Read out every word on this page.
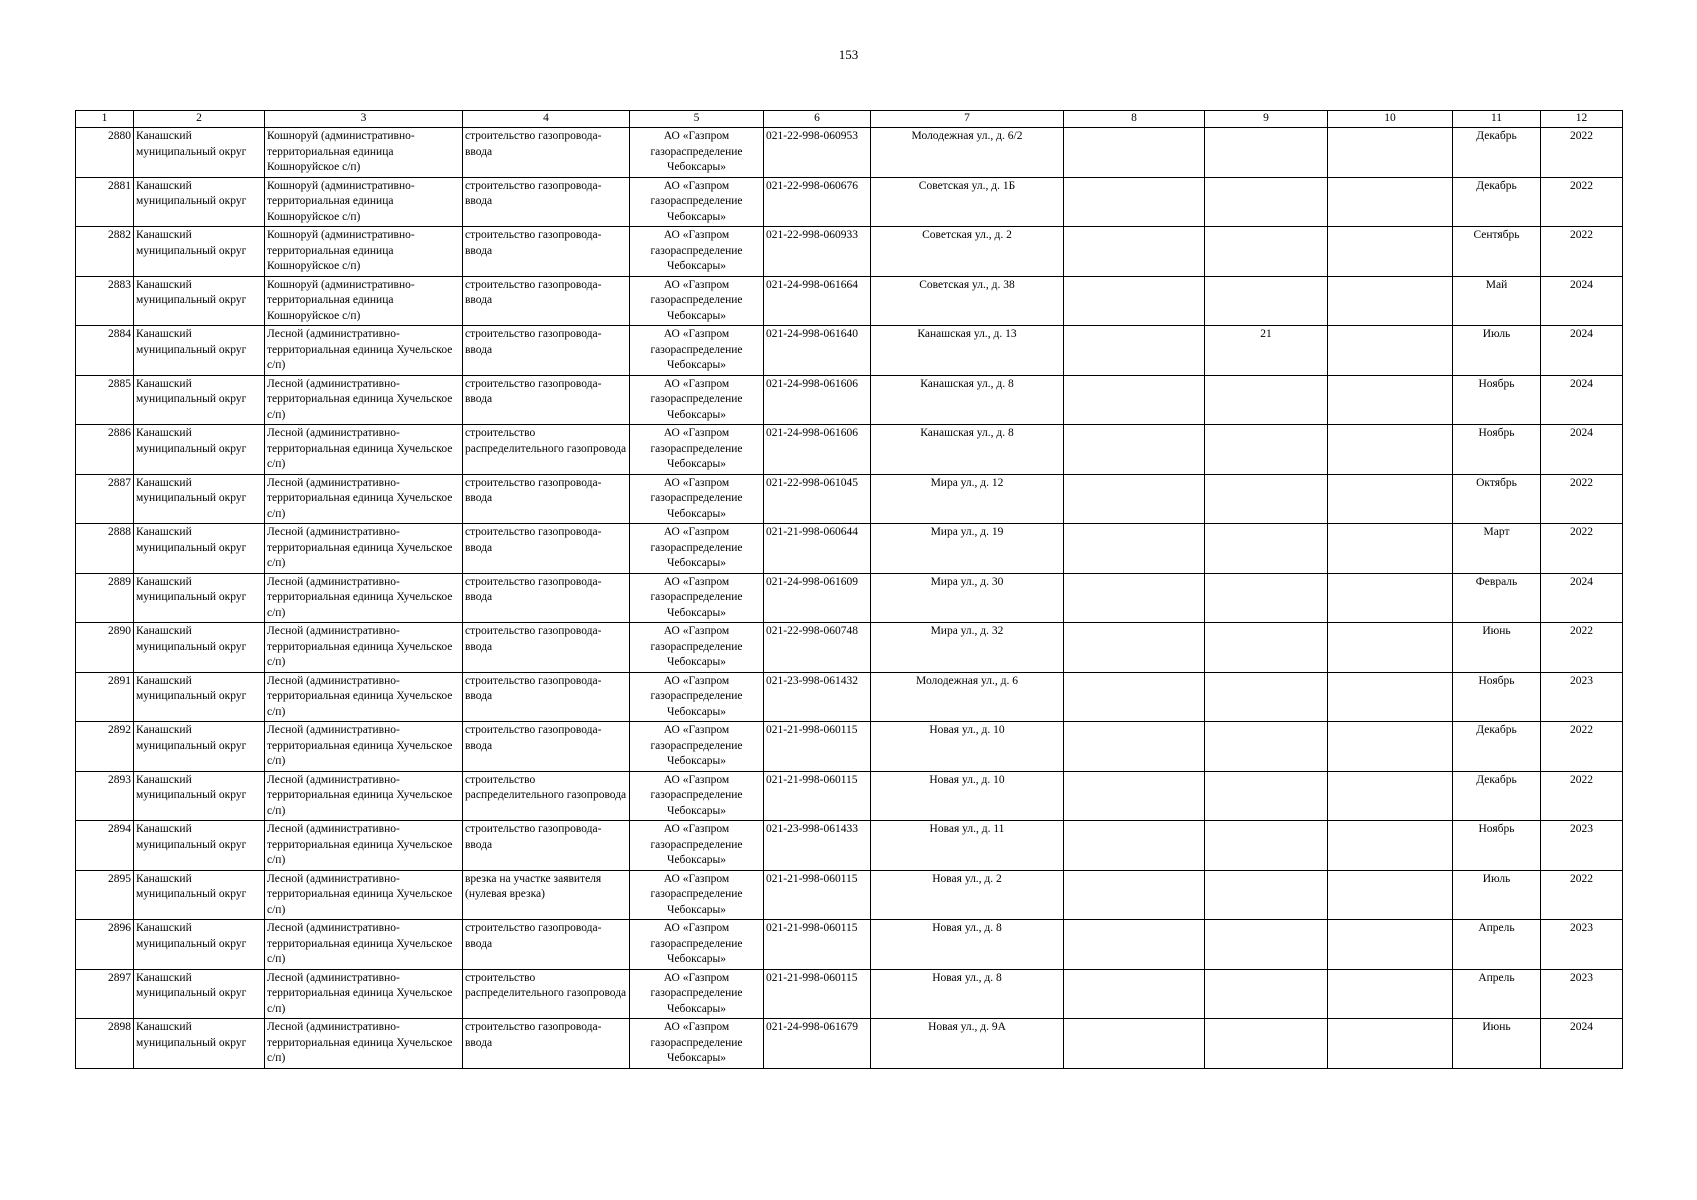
153
1	2	3	4	5	6	7	8	9	10	11	12
2880	Канашский муниципальный округ	Кошноруй (административно-территориальная единица Кошноруйское с/п)	строительство газопровода-ввода	АО «Газпром газораспределение Чебоксары»	021-22-998-060953	Молодежная ул., д. 6/2				Декабрь	2022
2881	Канашский муниципальный округ	Кошноруй (административно-территориальная единица Кошноруйское с/п)	строительство газопровода-ввода	АО «Газпром газораспределение Чебоксары»	021-22-998-060676	Советская ул., д. 1Б				Декабрь	2022
2882	Канашский муниципальный округ	Кошноруй (административно-территориальная единица Кошноруйское с/п)	строительство газопровода-ввода	АО «Газпром газораспределение Чебоксары»	021-22-998-060933	Советская ул., д. 2				Сентябрь	2022
2883	Канашский муниципальный округ	Кошноруй (административно-территориальная единица Кошноруйское с/п)	строительство газопровода-ввода	АО «Газпром газораспределение Чебоксары»	021-24-998-061664	Советская ул., д. 38				Май	2024
2884	Канашский муниципальный округ	Лесной (административно-территориальная единица Хучельское с/п)	строительство газопровода-ввода	АО «Газпром газораспределение Чебоксары»	021-24-998-061640	Канашская ул., д. 13		21		Июль	2024
2885	Канашский муниципальный округ	Лесной (административно-территориальная единица Хучельское с/п)	строительство газопровода-ввода	АО «Газпром газораспределение Чебоксары»	021-24-998-061606	Канашская ул., д. 8				Ноябрь	2024
2886	Канашский муниципальный округ	Лесной (административно-территориальная единица Хучельское с/п)	строительство распределительного газопровода	АО «Газпром газораспределение Чебоксары»	021-24-998-061606	Канашская ул., д. 8				Ноябрь	2024
2887	Канашский муниципальный округ	Лесной (административно-территориальная единица Хучельское с/п)	строительство газопровода-ввода	АО «Газпром газораспределение Чебоксары»	021-22-998-061045	Мира ул., д. 12				Октябрь	2022
2888	Канашский муниципальный округ	Лесной (административно-территориальная единица Хучельское с/п)	строительство газопровода-ввода	АО «Газпром газораспределение Чебоксары»	021-21-998-060644	Мира ул., д. 19				Март	2022
2889	Канашский муниципальный округ	Лесной (административно-территориальная единица Хучельское с/п)	строительство газопровода-ввода	АО «Газпром газораспределение Чебоксары»	021-24-998-061609	Мира ул., д. 30				Февраль	2024
2890	Канашский муниципальный округ	Лесной (административно-территориальная единица Хучельское с/п)	строительство газопровода-ввода	АО «Газпром газораспределение Чебоксары»	021-22-998-060748	Мира ул., д. 32				Июнь	2022
2891	Канашский муниципальный округ	Лесной (административно-территориальная единица Хучельское с/п)	строительство газопровода-ввода	АО «Газпром газораспределение Чебоксары»	021-23-998-061432	Молодежная ул., д. 6				Ноябрь	2023
2892	Канашский муниципальный округ	Лесной (административно-территориальная единица Хучельское с/п)	строительство газопровода-ввода	АО «Газпром газораспределение Чебоксары»	021-21-998-060115	Новая ул., д. 10				Декабрь	2022
2893	Канашский муниципальный округ	Лесной (административно-территориальная единица Хучельское с/п)	строительство распределительного газопровода	АО «Газпром газораспределение Чебоксары»	021-21-998-060115	Новая ул., д. 10				Декабрь	2022
2894	Канашский муниципальный округ	Лесной (административно-территориальная единица Хучельское с/п)	строительство газопровода-ввода	АО «Газпром газораспределение Чебоксары»	021-23-998-061433	Новая ул., д. 11				Ноябрь	2023
2895	Канашский муниципальный округ	Лесной (административно-территориальная единица Хучельское с/п)	врезка на участке заявителя (нулевая врезка)	АО «Газпром газораспределение Чебоксары»	021-21-998-060115	Новая ул., д. 2				Июль	2022
2896	Канашский муниципальный округ	Лесной (административно-территориальная единица Хучельское с/п)	строительство газопровода-ввода	АО «Газпром газораспределение Чебоксары»	021-21-998-060115	Новая ул., д. 8				Апрель	2023
2897	Канашский муниципальный округ	Лесной (административно-территориальная единица Хучельское с/п)	строительство распределительного газопровода	АО «Газпром газораспределение Чебоксары»	021-21-998-060115	Новая ул., д. 8				Апрель	2023
2898	Канашский муниципальный округ	Лесной (административно-территориальная единица Хучельское с/п)	строительство газопровода-ввода	АО «Газпром газораспределение Чебоксары»	021-24-998-061679	Новая ул., д. 9А				Июнь	2024
